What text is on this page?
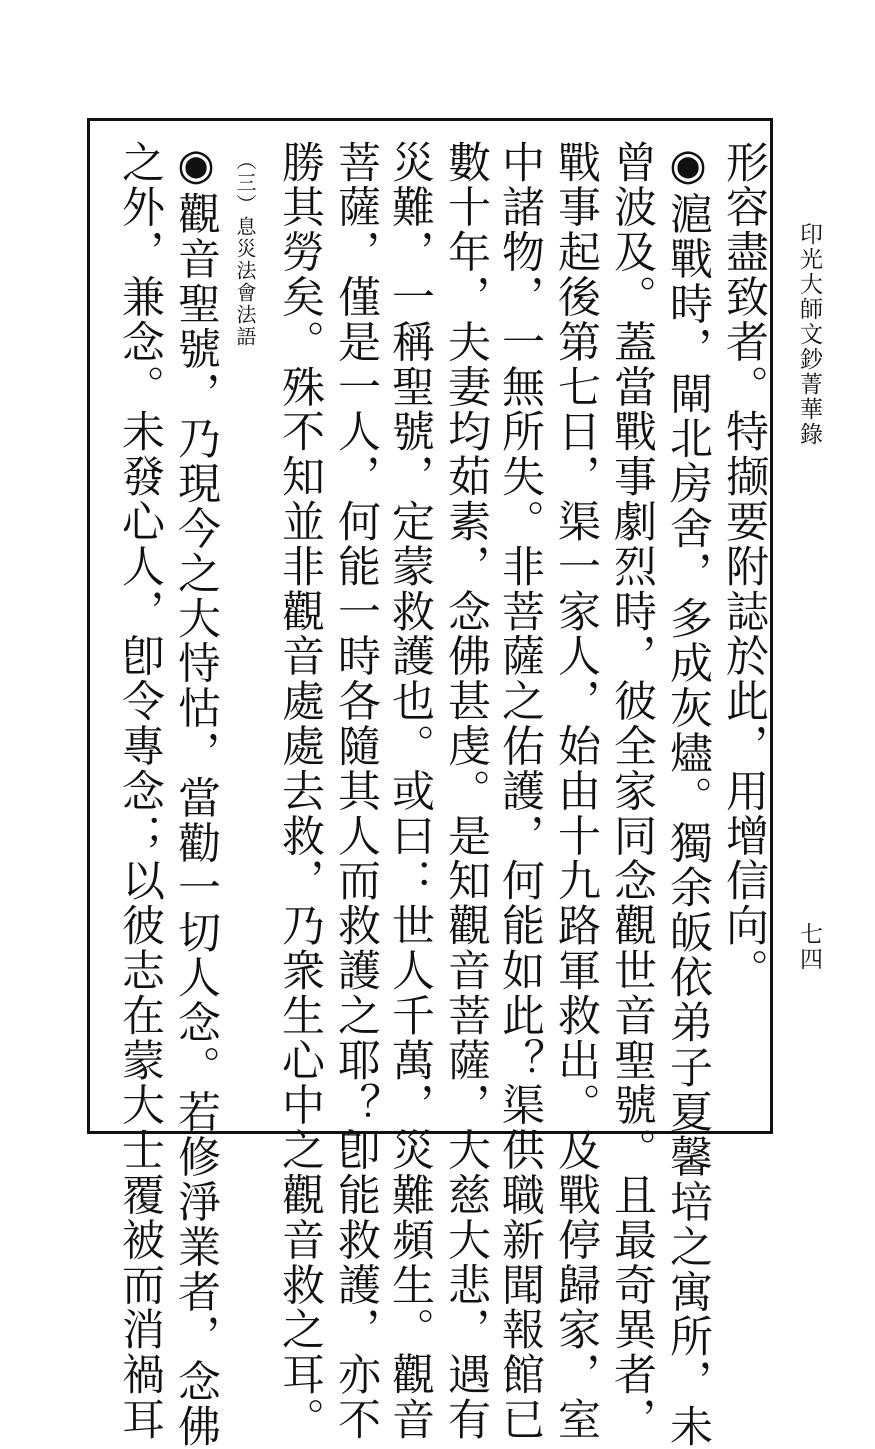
印光大師文鈔菁華錄
七四
形容盡致者。特撷要附誌於此，用增信向。
◉滬戰時，閘北房舍，多成灰燼。獨余皈依弟子夏馨培之寓所，未
曾波及。蓋當戰事劇烈時，彼全家同念觀世音聖號。且最奇異者，
戰事起後第七日，渠一家人，始由十九路軍救出。及戰停歸家，室
中諸物，一無所失。非菩薩之佑護，何能如此？渠供職新聞報館已
數十年，夫妻均茹素，念佛甚虔。是知觀音菩薩，大慈大悲，遇有
災難，一稱聖號，定蒙救護也。或曰：世人千萬，災難頻生。觀音
菩薩，僅是一人，何能一時各隨其人而救護之耶？卽能救護，亦不
勝其勞矣。殊不知並非觀音處處去救，乃衆生心中之觀音救之耳。
（三）息災法會法語
◉觀音聖號，乃現今之大恃怙，當勸一切人念。若修淨業者，念佛
之外，兼念。未發心人，卽令專念；以彼志在蒙大士覆被而消禍耳
